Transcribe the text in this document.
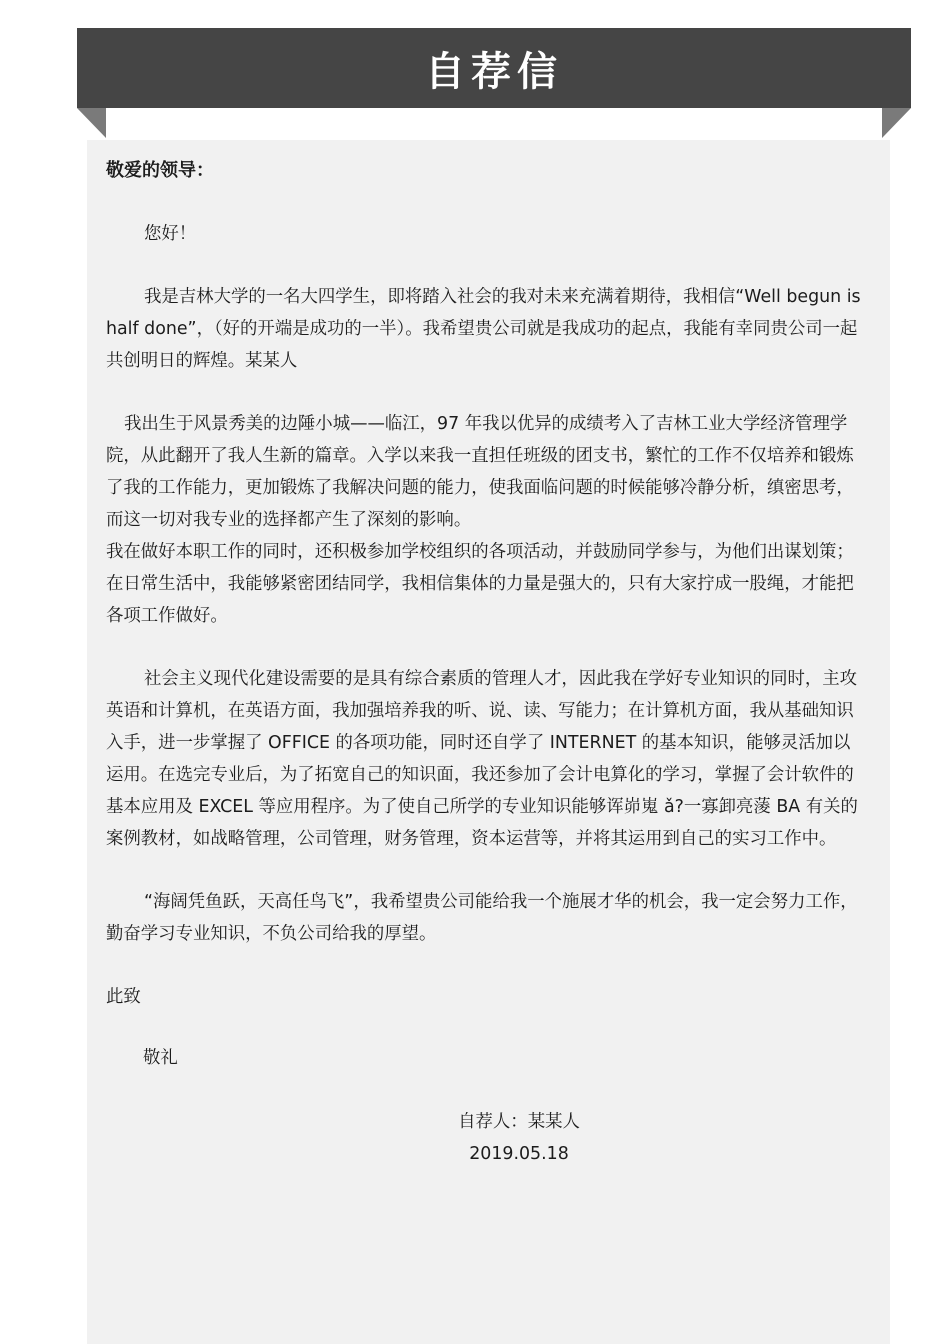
自荐信

敬爱的领导：

您好！

我是吉林大学的一名大四学生，即将踏入社会的我对未来充满着期待，我相信“Well begun is half done”，（好的开端是成功的一半）。我希望贵公司就是我成功的起点，我能有幸同贵公司一起共创明日的辉煌。某某人

我出生于风景秀美的边陲小城——临江，97 年我以优异的成绩考入了吉林工业大学经济管理学院，从此翻开了我人生新的篇章。入学以来我一直担任班级的团支书，繁忙的工作不仅培养和锻炼了我的工作能力，更加锻炼了我解决问题的能力，使我面临问题的时候能够冷静分析，缜密思考，而这一切对我专业的选择都产生了深刻的影响。

我在做好本职工作的同时，还积极参加学校组织的各项活动，并鼓励同学参与，为他们出谋划策；在日常生活中，我能够紧密团结同学，我相信集体的力量是强大的，只有大家拧成一股绳，才能把各项工作做好。

社会主义现代化建设需要的是具有综合素质的管理人才，因此我在学好专业知识的同时，主攻英语和计算机，在英语方面，我加强培养我的听、说、读、写能力；在计算机方面，我从基础知识入手，进一步掌握了 OFFICE 的各项功能，同时还自学了 INTERNET 的基本知识，能够灵活加以运用。在选完专业后，为了拓宽自己的知识面，我还参加了会计电算化的学习，掌握了会计软件的基本应用及 EXCEL 等应用程序。为了使自己所学的专业知识能够诨峁嵬 ǎ?一寡卸亮蔆 BA 有关的案例教材，如战略管理，公司管理，财务管理，资本运营等，并将其运用到自己的实习工作中。

“海阔凭鱼跃，天高任鸟飞”，我希望贵公司能给我一个施展才华的机会，我一定会努力工作，勤奋学习专业知识，不负公司给我的厚望。

此致

敬礼

自荐人：某某人

2019.05.18
